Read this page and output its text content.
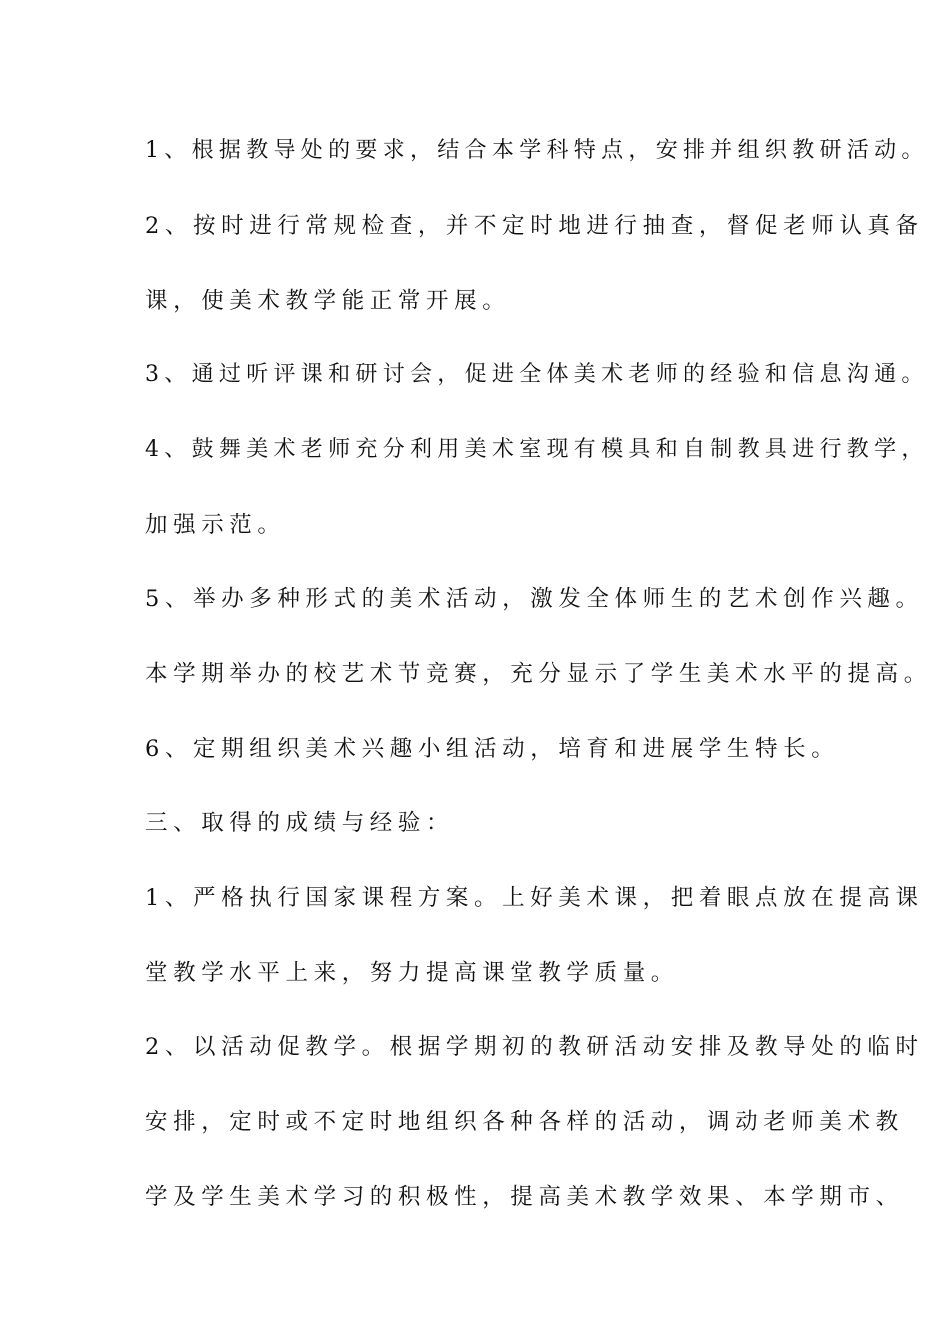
1、根据教导处的要求，结合本学科特点，安排并组织教研活动。
2、按时进行常规检查，并不定时地进行抽查，督促老师认真备
课，使美术教学能正常开展。
3、通过听评课和研讨会，促进全体美术老师的经验和信息沟通。
4、鼓舞美术老师充分利用美术室现有模具和自制教具进行教学，
加强示范。
5、举办多种形式的美术活动，激发全体师生的艺术创作兴趣。
本学期举办的校艺术节竞赛，充分显示了学生美术水平的提高。
6、定期组织美术兴趣小组活动，培育和进展学生特长。
三、取得的成绩与经验：
1、严格执行国家课程方案。上好美术课，把着眼点放在提高课
堂教学水平上来，努力提高课堂教学质量。
2、以活动促教学。根据学期初的教研活动安排及教导处的临时
安排，定时或不定时地组织各种各样的活动，调动老师美术教
学及学生美术学习的积极性，提高美术教学效果、本学期市、
